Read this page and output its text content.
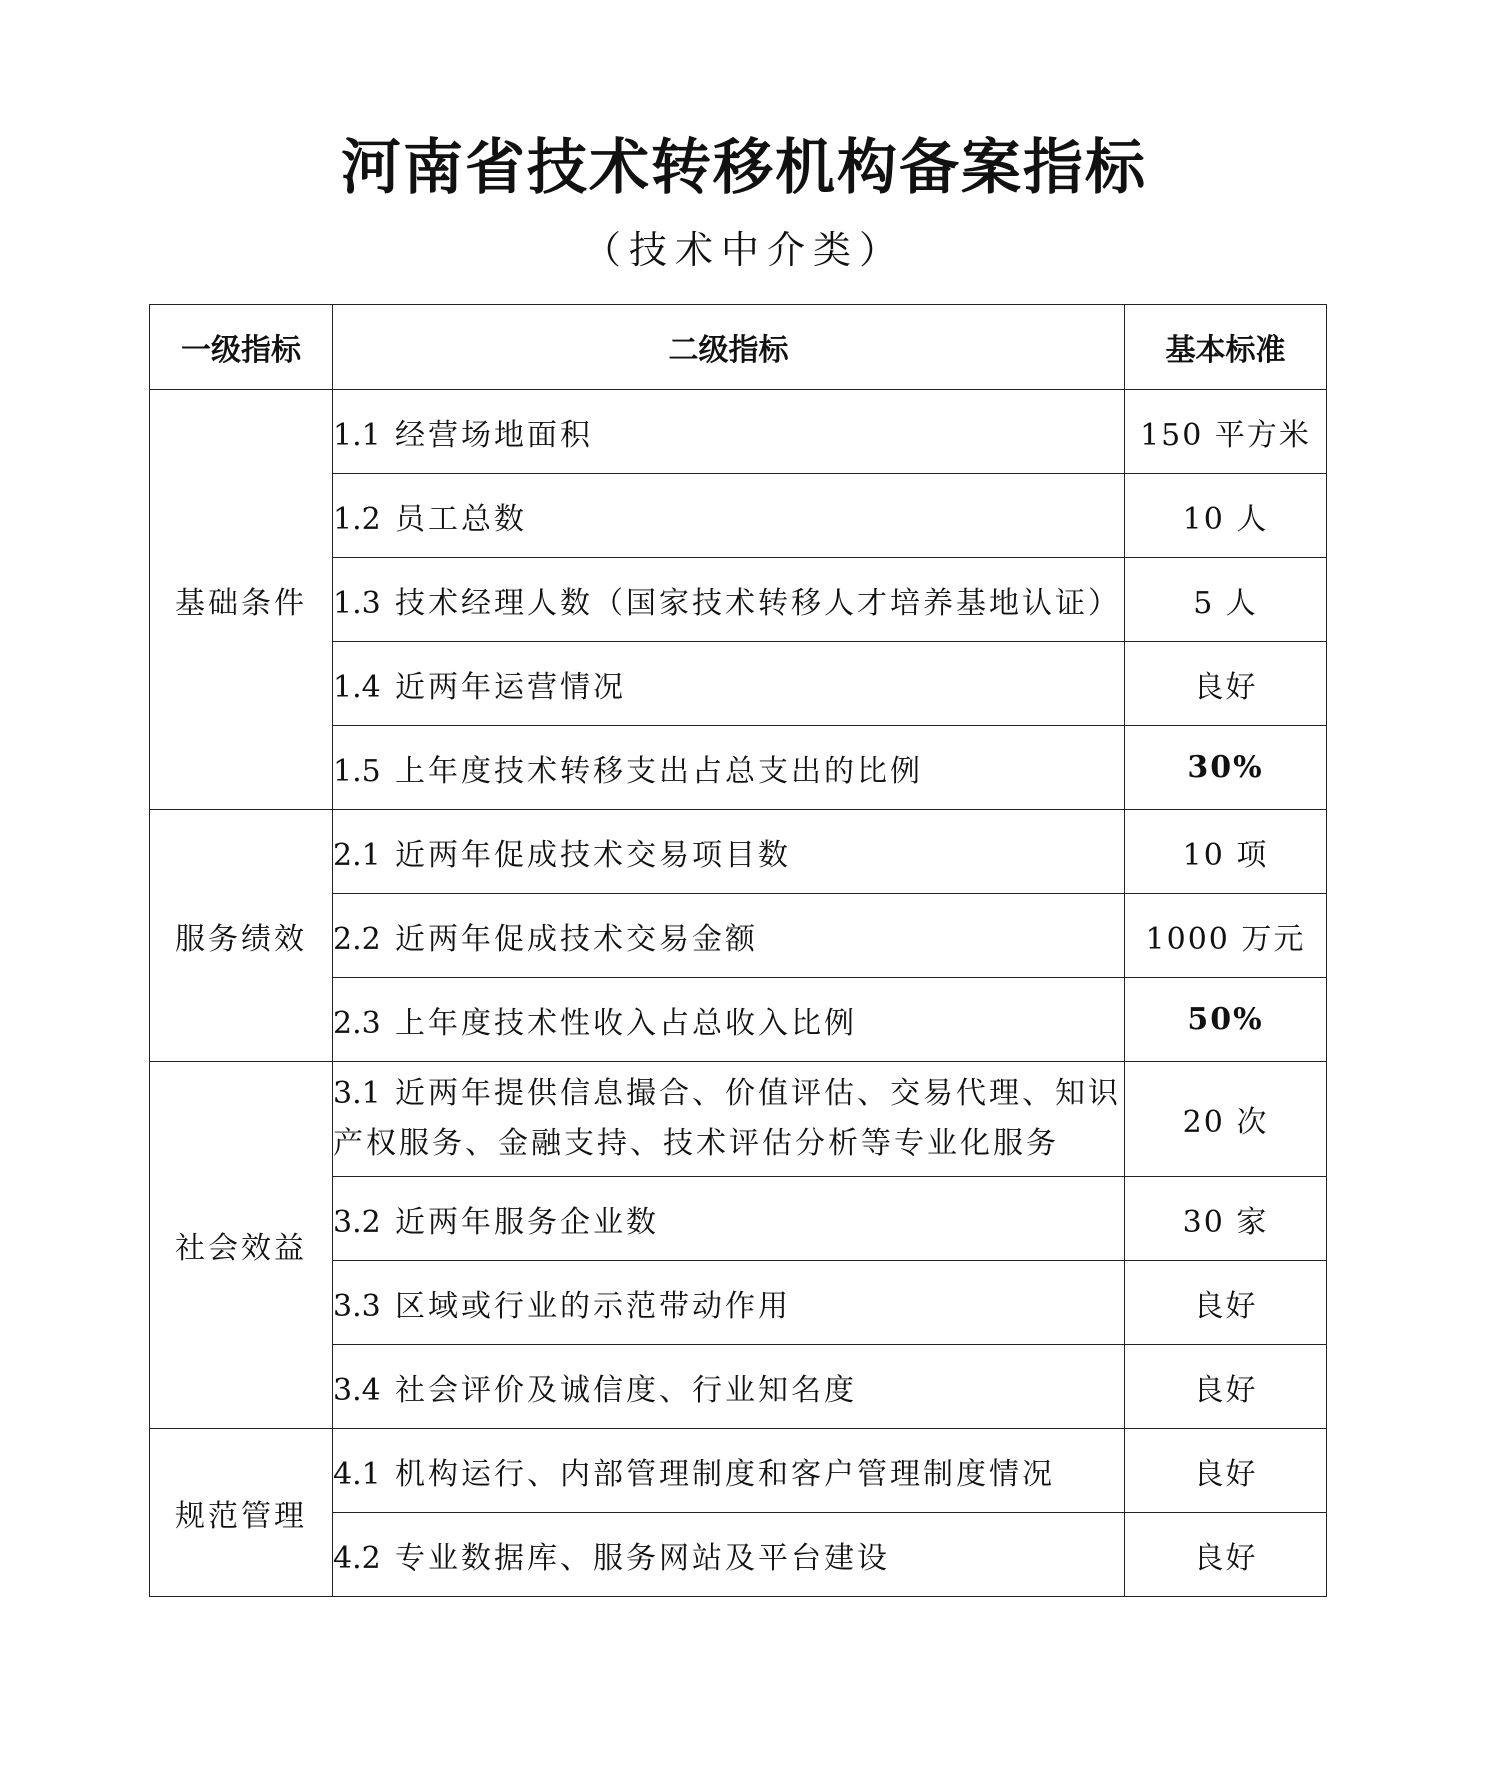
河南省技术转移机构备案指标
（技术中介类）
一级指标	二级指标	基本标准
基础条件	1.1 经营场地面积	150 平方米
	1.2 员工总数	10 人
	1.3 技术经理人数（国家技术转移人才培养基地认证）	5 人
	1.4 近两年运营情况	良好
	1.5 上年度技术转移支出占总支出的比例	30%
服务绩效	2.1 近两年促成技术交易项目数	10 项
	2.2 近两年促成技术交易金额	1000 万元
	2.3 上年度技术性收入占总收入比例	50%
社会效益	3.1 近两年提供信息撮合、价值评估、交易代理、知识产权服务、金融支持、技术评估分析等专业化服务	20 次
	3.2 近两年服务企业数	30 家
	3.3 区域或行业的示范带动作用	良好
	3.4 社会评价及诚信度、行业知名度	良好
规范管理	4.1 机构运行、内部管理制度和客户管理制度情况	良好
	4.2 专业数据库、服务网站及平台建设	良好
